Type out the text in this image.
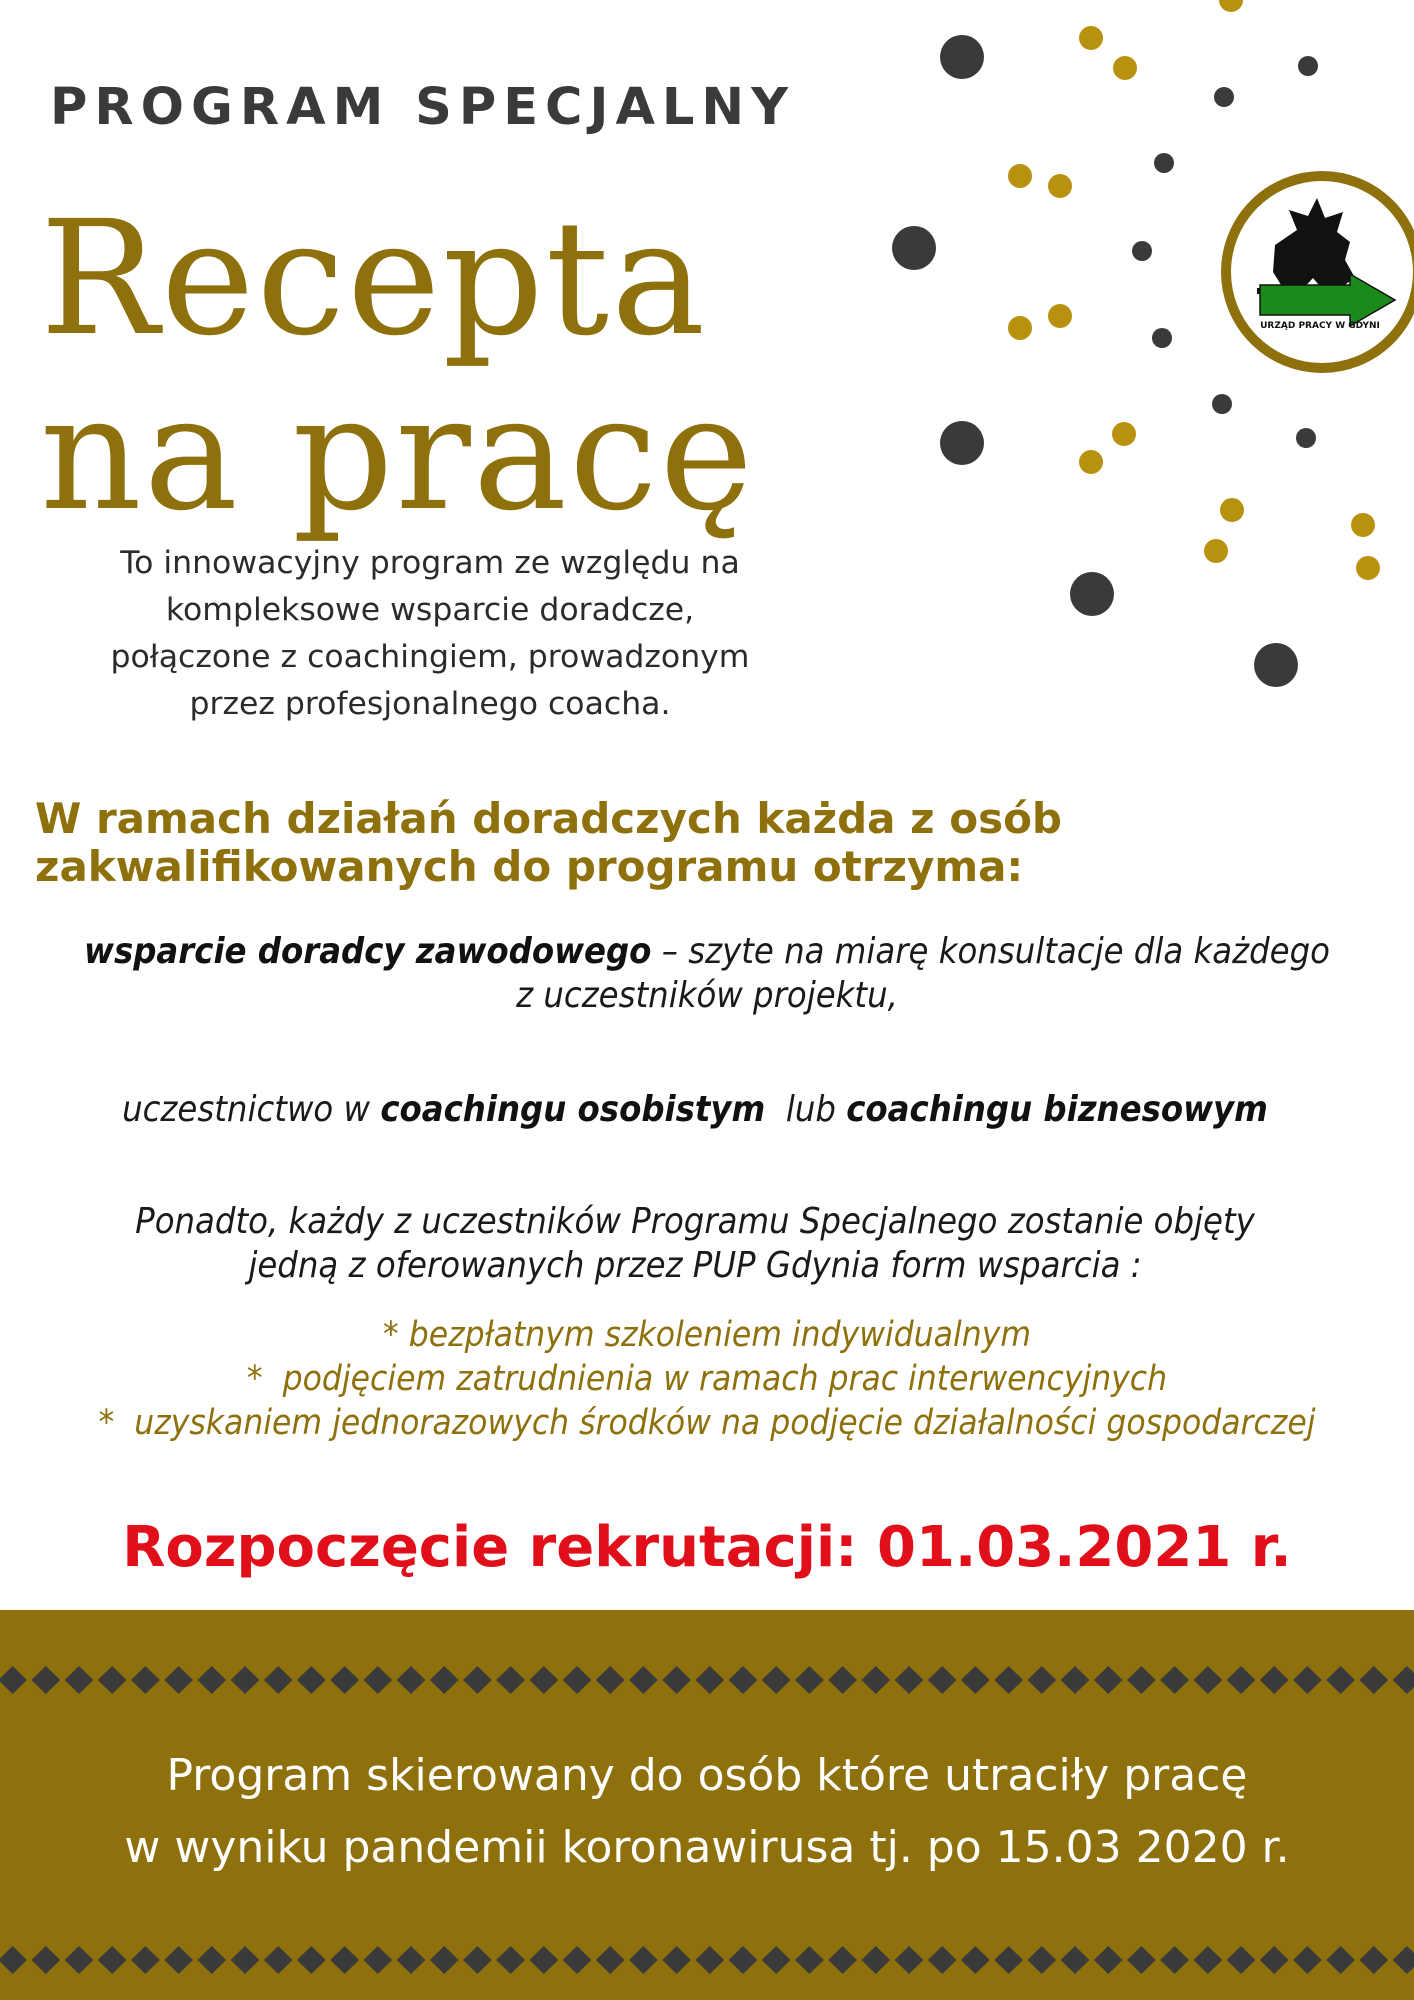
URZĄD PRACY W GDYNI
PROGRAM SPECJALNY
Recepta
na pracę
To innowacyjny program ze względu na
kompleksowe wsparcie doradcze,
połączone z coachingiem, prowadzonym
przez profesjonalnego coacha.
W ramach działań doradczych każda z osób
zakwalifikowanych do programu otrzyma:
wsparcie doradcy zawodowego – szyte na miarę konsultacje dla każdego
z uczestników projektu,
uczestnictwo w coachingu osobistym  lub coachingu biznesowym
Ponadto, każdy z uczestników Programu Specjalnego zostanie objęty
jedną z oferowanych przez PUP Gdynia form wsparcia :
* bezpłatnym szkoleniem indywidualnym
*  podjęciem zatrudnienia w ramach prac interwencyjnych
*  uzyskaniem jednorazowych środków na podjęcie działalności gospodarczej
Rozpoczęcie rekrutacji: 01.03.2021 r.
Program skierowany do osób które utraciły pracę
w wyniku pandemii koronawirusa tj. po 15.03 2020 r.
